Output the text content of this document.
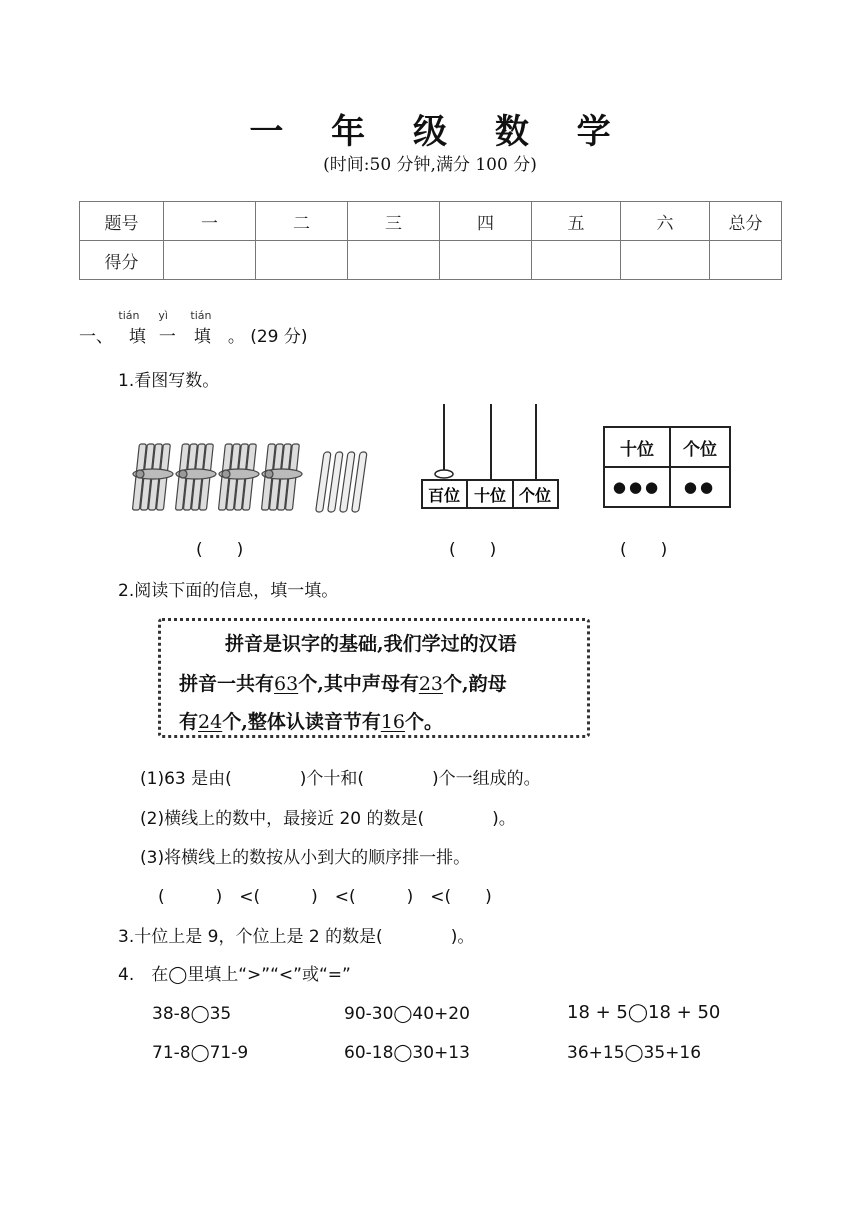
一 年 级 数 学
(时间:50 分钟,满分 100 分)
题号	一	二	三	四	五	六	总分
得分							
一、
tián
填
yì
一
tián
填 。 (29 分)
1.看图写数。
百位 十位 个位
十位	个位
●●●	●●
(　　)	(　　)	(　　)
2.阅读下面的信息，填一填。
拼音是识字的基础,我们学过的汉语
拼音一共有63个,其中声母有23个,韵母
有24个,整体认读音节有16个。
(1)63 是由(　　　　)个十和(　　　　)个一组成的。
(2)横线上的数中，最接近 20 的数是(　　　　)。
(3)将横线上的数按从小到大的顺序排一排。
(　　　)　<(　　　)　<(　　　)　<(　　)
3.十位上是 9，个位上是 2 的数是(　　　　)。
4.　在◯里填上“>”“<”或“=”
38-8◯35	90-30◯40+20	18 + 5◯18 + 50
71-8◯71-9	60-18◯30+13	36+15◯35+16
